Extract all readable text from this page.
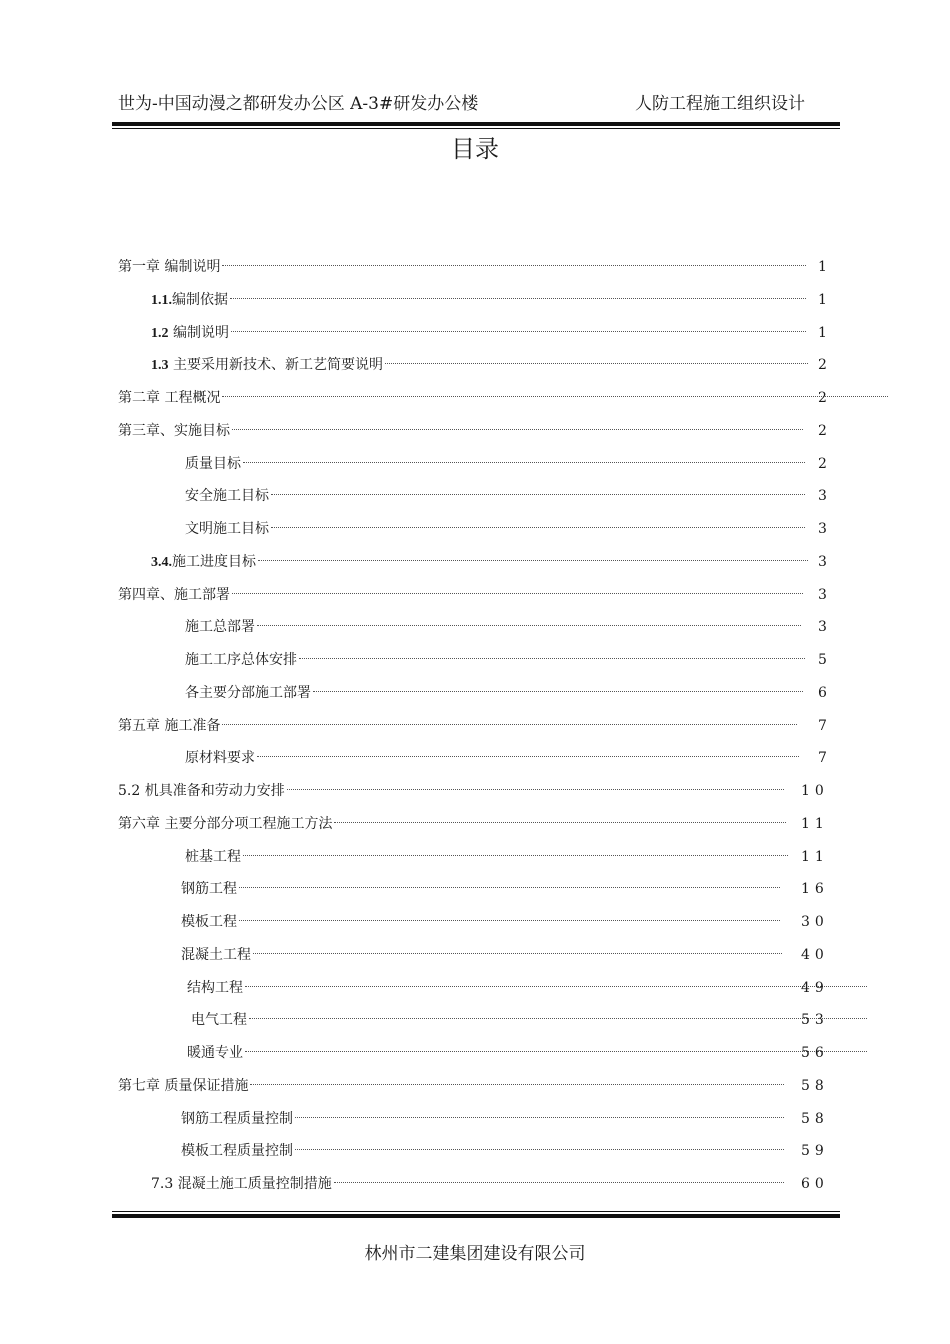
世为-中国动漫之都研发办公区 A-3#研发办公楼	人防工程施工组织设计
目录
第一章 编制说明	1
1.1.编制依据	1
1.2 编制说明	1
1.3 主要采用新技术、新工艺简要说明	2
第二章 工程概况	2
第三章、实施目标	2
质量目标	2
安全施工目标	3
文明施工目标	3
3.4.施工进度目标	3
第四章、施工部署	3
施工总部署	3
施工工序总体安排	5
各主要分部施工部署	6
第五章 施工准备	7
原材料要求	7
5.2 机具准备和劳动力安排	10
第六章 主要分部分项工程施工方法	11
桩基工程	11
钢筋工程	16
模板工程	30
混凝土工程	40
结构工程	49
电气工程	53
暖通专业	56
第七章 质量保证措施	58
钢筋工程质量控制	58
模板工程质量控制	59
7.3 混凝土施工质量控制措施	60
林州市二建集团建设有限公司
